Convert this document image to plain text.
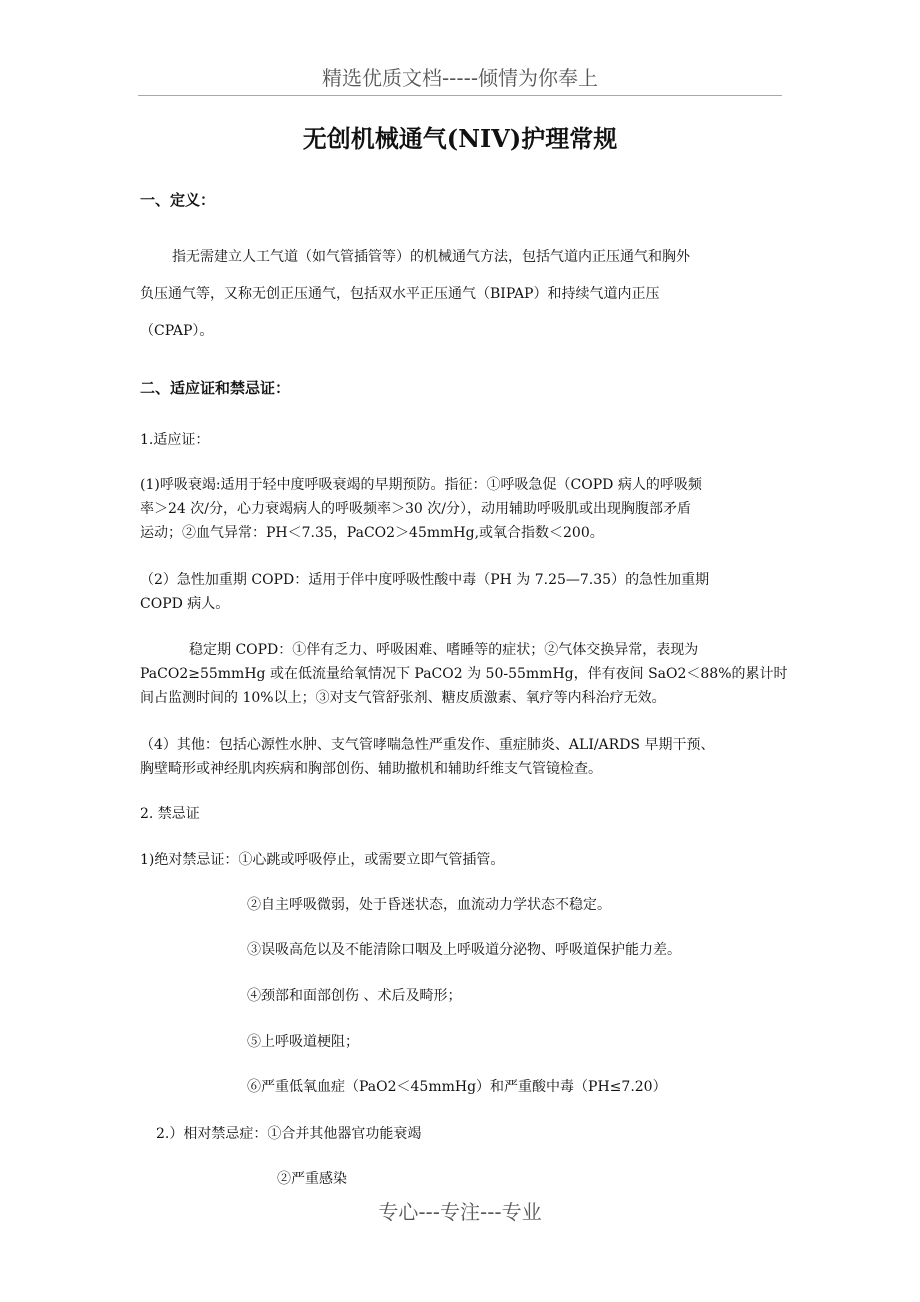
精选优质文档-----倾情为你奉上
无创机械通气(NIV)护理常规
一、定义：
指无需建立人工气道（如气管插管等）的机械通气方法，包括气道内正压通气和胸外
负压通气等，又称无创正压通气，包括双水平正压通气（BIPAP）和持续气道内正压
（CPAP）。
二、适应证和禁忌证：
1.适应证：
(1)呼吸衰竭:适用于轻中度呼吸衰竭的早期预防。指征：①呼吸急促（COPD 病人的呼吸频
率＞24 次/分，心力衰竭病人的呼吸频率＞30 次/分），动用辅助呼吸肌或出现胸腹部矛盾
运动；②血气异常：PH＜7.35，PaCO2＞45mmHg,或氧合指数＜200。
（2）急性加重期 COPD：适用于伴中度呼吸性酸中毒（PH 为 7.25—7.35）的急性加重期
COPD 病人。
稳定期 COPD：①伴有乏力、呼吸困难、嗜睡等的症状；②气体交换异常，表现为
PaCO2≥55mmHg 或在低流量给氧情况下 PaCO2 为 50-55mmHg，伴有夜间 SaO2＜88%的累计时
间占监测时间的 10%以上；③对支气管舒张剂、糖皮质激素、氧疗等内科治疗无效。
（4）其他：包括心源性水肿、支气管哮喘急性严重发作、重症肺炎、ALI/ARDS 早期干预、
胸壁畸形或神经肌肉疾病和胸部创伤、辅助撤机和辅助纤维支气管镜检查。
2. 禁忌证
1)绝对禁忌证：①心跳或呼吸停止，或需要立即气管插管。
②自主呼吸微弱，处于昏迷状态，血流动力学状态不稳定。
③误吸高危以及不能清除口咽及上呼吸道分泌物、呼吸道保护能力差。
④颈部和面部创伤 、术后及畸形；
⑤上呼吸道梗阻；
⑥严重低氧血症（PaO2＜45mmHg）和严重酸中毒（PH≤7.20）
2.）相对禁忌症：①合并其他器官功能衰竭
②严重感染
专心---专注---专业
